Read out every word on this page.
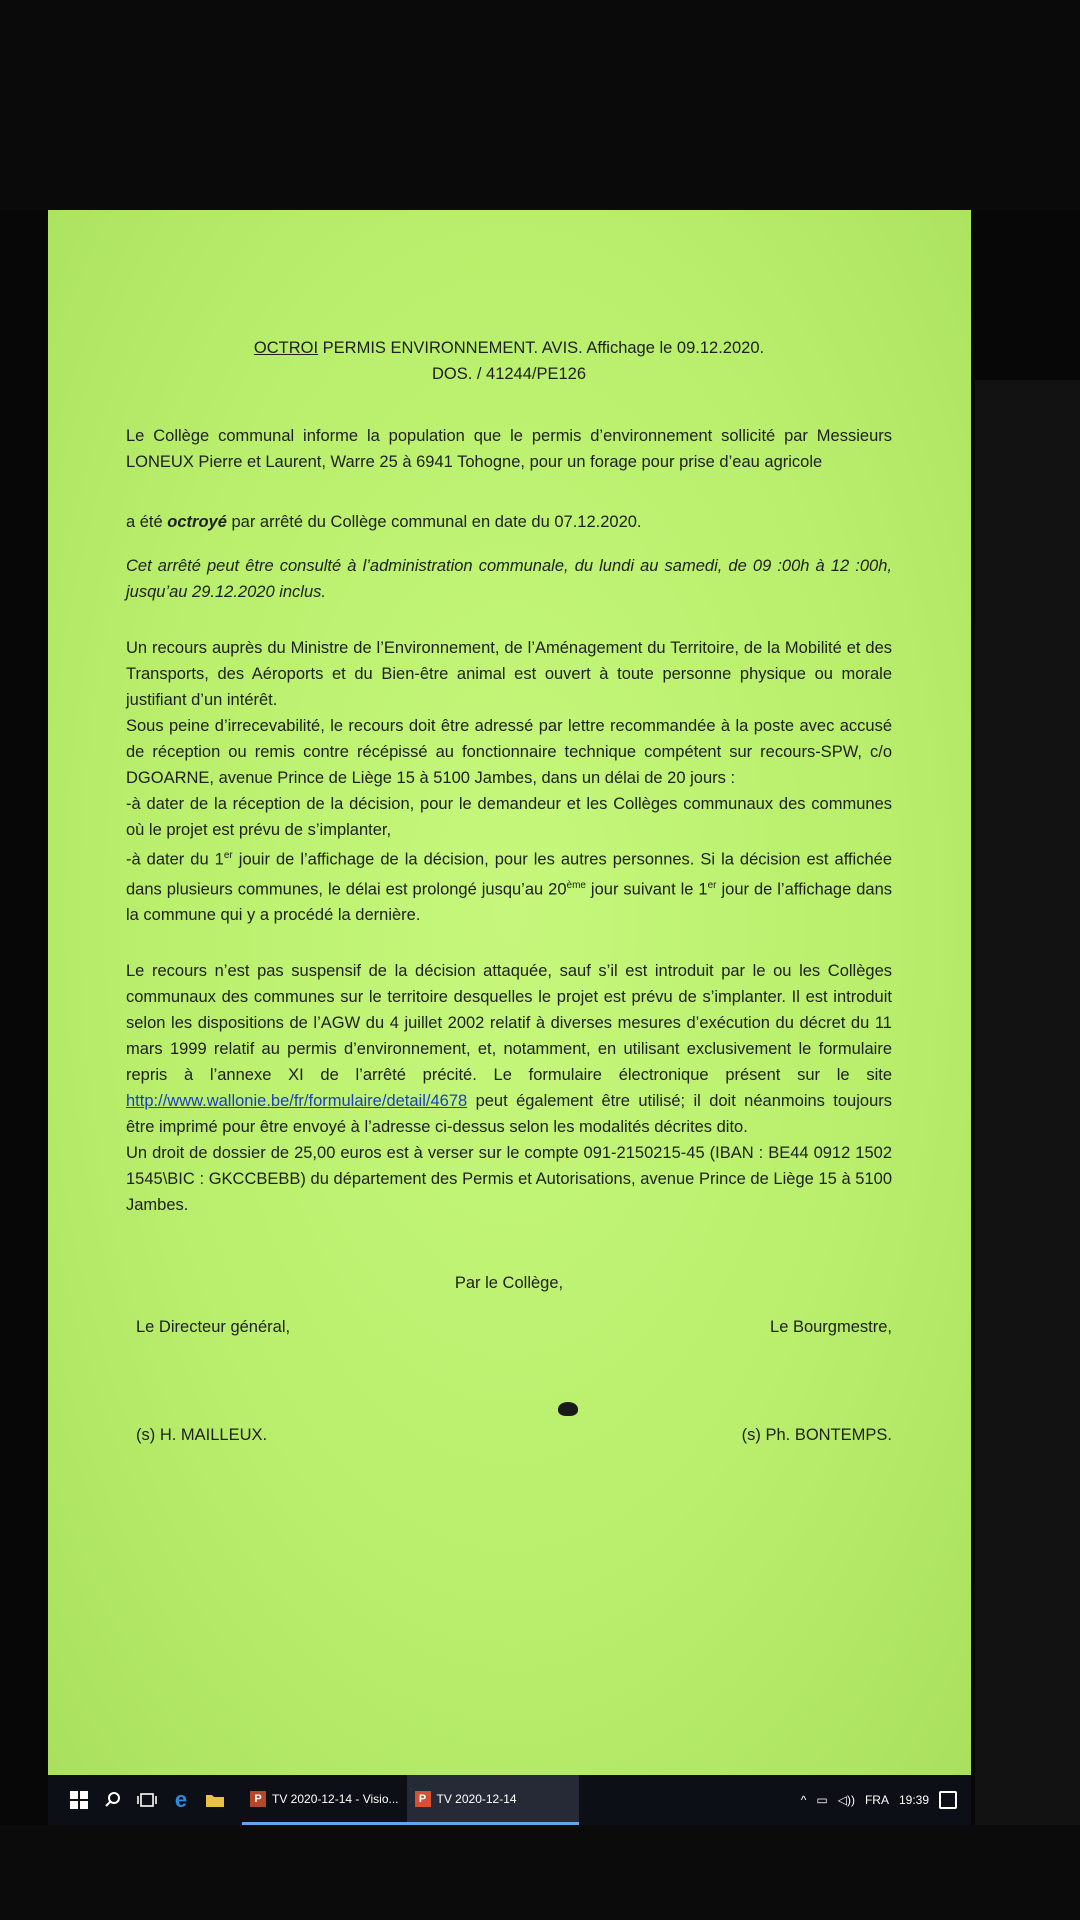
OCTROI PERMIS ENVIRONNEMENT. AVIS. Affichage le 09.12.2020.

DOS. / 41244/PE126

Le Collège communal informe la population que le permis d’environnement sollicité par Messieurs LONEUX Pierre et Laurent, Warre 25 à 6941 Tohogne, pour un forage pour prise d’eau agricole

a été octroyé par arrêté du Collège communal en date du 07.12.2020.

Cet arrêté peut être consulté à l’administration communale, du lundi au samedi, de 09 :00h à 12 :00h, jusqu’au 29.12.2020 inclus.

Un recours auprès du Ministre de l’Environnement, de l’Aménagement du Territoire, de la Mobilité et des Transports, des Aéroports et du Bien-être animal est ouvert à toute personne physique ou morale justifiant d’un intérêt.

Sous peine d’irrecevabilité, le recours doit être adressé par lettre recommandée à la poste avec accusé de réception ou remis contre récépissé au fonctionnaire technique compétent sur recours-SPW, c/o DGOARNE, avenue Prince de Liège 15 à 5100 Jambes, dans un délai de 20 jours :

-à dater de la réception de la décision, pour le demandeur et les Collèges communaux des communes où le projet est prévu de s’implanter,

-à dater du 1er jouir de l’affichage de la décision, pour les autres personnes. Si la décision est affichée dans plusieurs communes, le délai est prolongé jusqu’au 20ème jour suivant le 1er jour de l’affichage dans la commune qui y a procédé la dernière.

Le recours n’est pas suspensif de la décision attaquée, sauf s’il est introduit par le ou les Collèges communaux des communes sur le territoire desquelles le projet est prévu de s’implanter. Il est introduit selon les dispositions de l’AGW du 4 juillet 2002 relatif à diverses mesures d’exécution du décret du 11 mars 1999 relatif au permis d’environnement, et, notamment, en utilisant exclusivement le formulaire repris à l’annexe XI de l’arrêté précité. Le formulaire électronique présent sur le site http://www.wallonie.be/fr/formulaire/detail/4678 peut également être utilisé; il doit néanmoins toujours être imprimé pour être envoyé à l’adresse ci-dessus selon les modalités décrites dito.

Un droit de dossier de 25,00 euros est à verser sur le compte 091-2150215-45 (IBAN : BE44 0912 1502 1545\BIC : GKCCBEBB) du département des Permis et Autorisations, avenue Prince de Liège 15 à 5100 Jambes.

Par le Collège,

Le Directeur général,	Le Bourgmestre,
(s) H. MAILLEUX.	(s) Ph. BONTEMPS.
e	P TV 2020-12-14 - Visio...	P TV 2020-12-14	^ ▭ ◁)) FRA 19:39
